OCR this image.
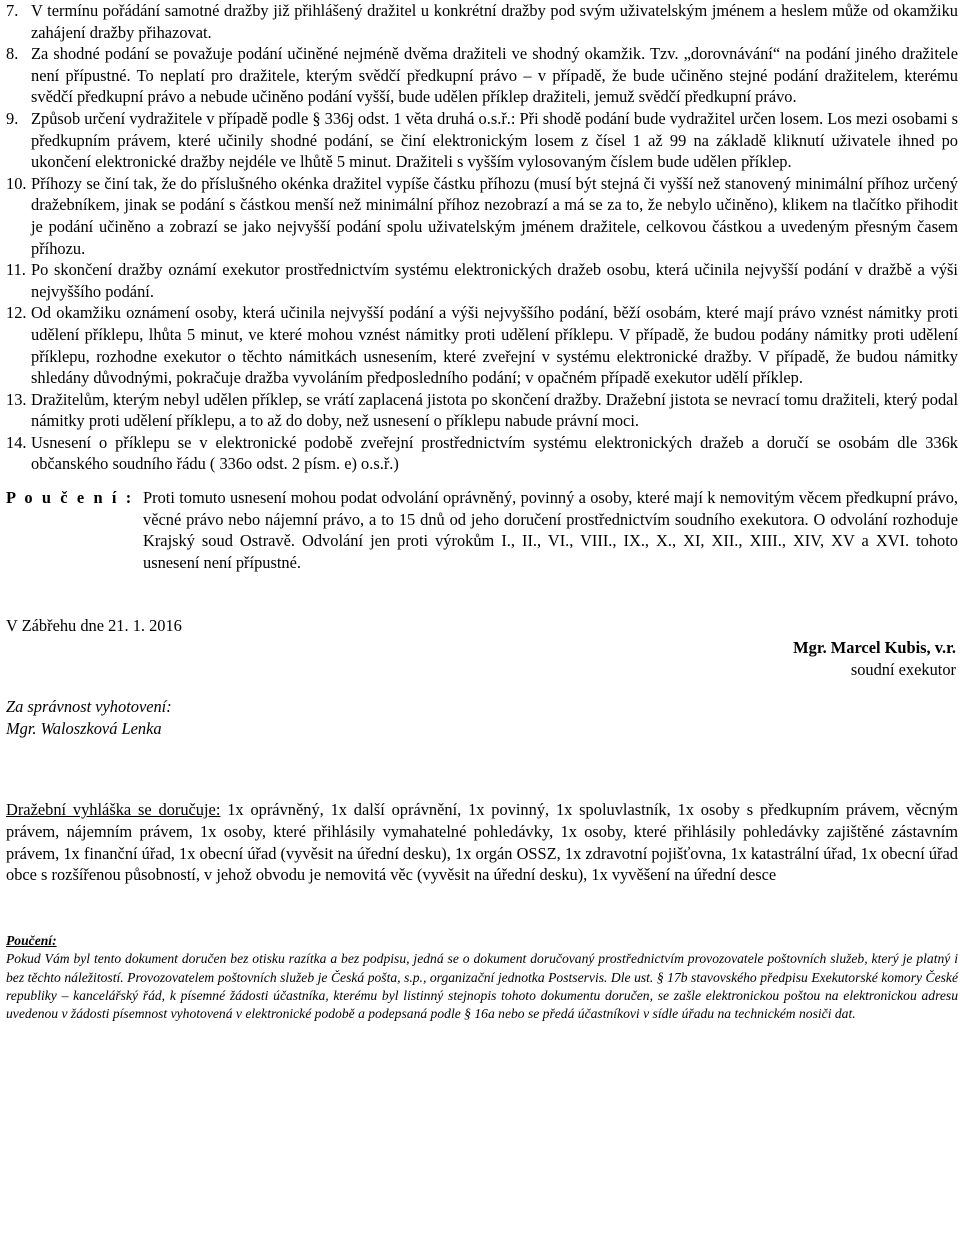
7. V termínu pořádání samotné dražby již přihlášený dražitel u konkrétní dražby pod svým uživatelským jménem a heslem může od okamžiku zahájení dražby přihazovat.
8. Za shodné podání se považuje podání učiněné nejméně dvěma dražiteli ve shodný okamžik. Tzv. „dorovnávání“ na podání jiného dražitele není přípustné. To neplatí pro dražitele, kterým svědčí předkupní právo – v případě, že bude učiněno stejné podání dražitelem, kterému svědčí předkupní právo a nebude učiněno podání vyšší, bude udělen příklep dražiteli, jemuž svědčí předkupní právo.
9. Způsob určení vydražitele v případě podle § 336j odst. 1 věta druhá o.s.ř.: Při shodě podání bude vydražitel určen losem. Los mezi osobami s předkupním právem, které učinily shodné podání, se činí elektronickým losem z čísel 1 až 99 na základě kliknutí uživatele ihned po ukončení elektronické dražby nejdéle ve lhůtě 5 minut. Dražiteli s vyšším vylosovaným číslem bude udělen příklep.
10. Příhozy se činí tak, že do příslušného okénka dražitel vypíše částku příhozu (musí být stejná či vyšší než stanovený minimální příhoz určený dražebníkem, jinak se podání s částkou menší než minimální příhoz nezobrazí a má se za to, že nebylo učiněno), klikem na tlačítko přihodit je podání učiněno a zobrazí se jako nejvyšší podání spolu uživatelským jménem dražitele, celkovou částkou a uvedeným přesným časem příhozu.
11. Po skončení dražby oznámí exekutor prostřednictvím systému elektronických dražeb osobu, která učinila nejvyšší podání v dražbě a výši nejvyššího podání.
12. Od okamžiku oznámení osoby, která učinila nejvyšší podání a výši nejvyššího podání, běží osobám, které mají právo vznést námitky proti udělení příklepu, lhůta 5 minut, ve které mohou vznést námitky proti udělení příklepu. V případě, že budou podány námitky proti udělení příklepu, rozhodne exekutor o těchto námitkách usnesením, které zveřejní v systému elektronické dražby. V případě, že budou námitky shledány důvodnými, pokračuje dražba vyvoláním předposledního podání; v opačném případě exekutor udělí příklep.
13. Dražitelům, kterým nebyl udělen příklep, se vrátí zaplacená jistota po skončení dražby. Dražební jistota se nevrací tomu dražiteli, který podal námitky proti udělení příklepu, a to až do doby, než usnesení o příklepu nabude právní moci.
14. Usnesení o příklepu se v elektronické podobě zveřejní prostřednictvím systému elektronických dražeb a doručí se osobám dle 336k občanského soudního řádu ( 336o odst. 2 písm. e) o.s.ř.)
P o u č e n í : Proti tomuto usnesení mohou podat odvolání oprávněný, povinný a osoby, které mají k nemovitým věcem předkupní právo, věcné právo nebo nájemní právo, a to 15 dnů od jeho doručení prostřednictvím soudního exekutora. O odvolání rozhoduje Krajský soud Ostravě. Odvolání jen proti výrokům I., II., VI., VIII., IX., X., XI, XII., XIII., XIV, XV a XVI. tohoto usnesení není přípustné.
V Zábřehu dne 21. 1. 2016
Mgr. Marcel Kubis, v.r.
soudní exekutor
Za správnost vyhotovení:
Mgr. Waloszková Lenka
Dražební vyhláška se doručuje: 1x oprávněný, 1x další oprávnění, 1x povinný, 1x spoluvlastník, 1x osoby s předkupním právem, věcným právem, nájemním právem, 1x osoby, které přihlásily vymahatelné pohledávky, 1x osoby, které přihlásily pohledávky zajištěné zástavním právem, 1x finanční úřad, 1x obecní úřad (vyvěsit na úřední desku), 1x orgán OSSZ, 1x zdravotní pojišťovna, 1x katastrální úřad, 1x obecní úřad obce s rozšířenou působností, v jehož obvodu je nemovitá věc (vyvěsit na úřední desku), 1x vyvěšení na úřední desce
Poučení:
Pokud Vám byl tento dokument doručen bez otisku razítka a bez podpisu, jedná se o dokument doručovaný prostřednictvím provozovatele poštovních služeb, který je platný i bez těchto náležitostí. Provozovatelem poštovních služeb je Česká pošta, s.p., organizační jednotka Postservis. Dle ust. § 17b stavovského předpisu Exekutorské komory České republiky – kancelářský řád, k písemné žádosti účastníka, kterému byl listinný stejnopis tohoto dokumentu doručen, se zašle elektronickou poštou na elektronickou adresu uvedenou v žádosti písemnost vyhotovená v elektronické podobě a podepsaná podle § 16a nebo se předá účastníkovi v sídle úřadu na technickém nosiči dat.
